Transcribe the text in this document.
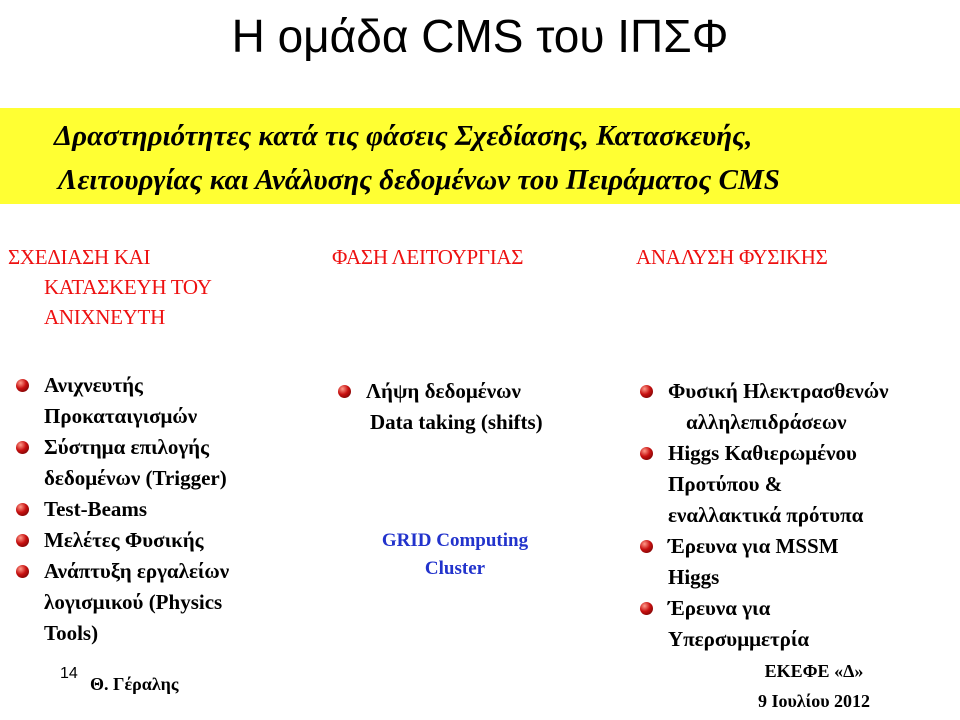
Η ομάδα CMS του ΙΠΣΦ
Δραστηριότητες κατά τις φάσεις Σχεδίασης, Κατασκευής,
Λειτουργίας και Ανάλυσης δεδομένων του Πειράματος CMS
ΣΧΕΔΙΑΣΗ ΚΑΙ
ΚΑΤΑΣΚΕΥΗ ΤΟΥ
ΑΝΙΧΝΕΥΤΗ
Ανιχνευτής
Προκαταιγισμών
Σύστημα επιλογής
δεδομένων (Trigger)
Test-Beams
Μελέτες Φυσικής
Ανάπτυξη εργαλείων
λογισμικού (Physics
Tools)
ΦΑΣΗ ΛΕΙΤΟΥΡΓΙΑΣ
Λήψη δεδομένων
Data taking (shifts)
GRID Computing
Cluster
ΑΝΑΛΥΣΗ ΦΥΣΙΚΗΣ
Φυσική Ηλεκτρασθενών
αλληλεπιδράσεων
Higgs Καθιερωμένου
Προτύπου &
εναλλακτικά πρότυπα
Έρευνα για MSSM
Higgs
Έρευνα για
Υπερσυμμετρία
14
Θ. Γέραλης
ΕΚΕΦΕ «Δ»
9 Ιουλίου 2012
